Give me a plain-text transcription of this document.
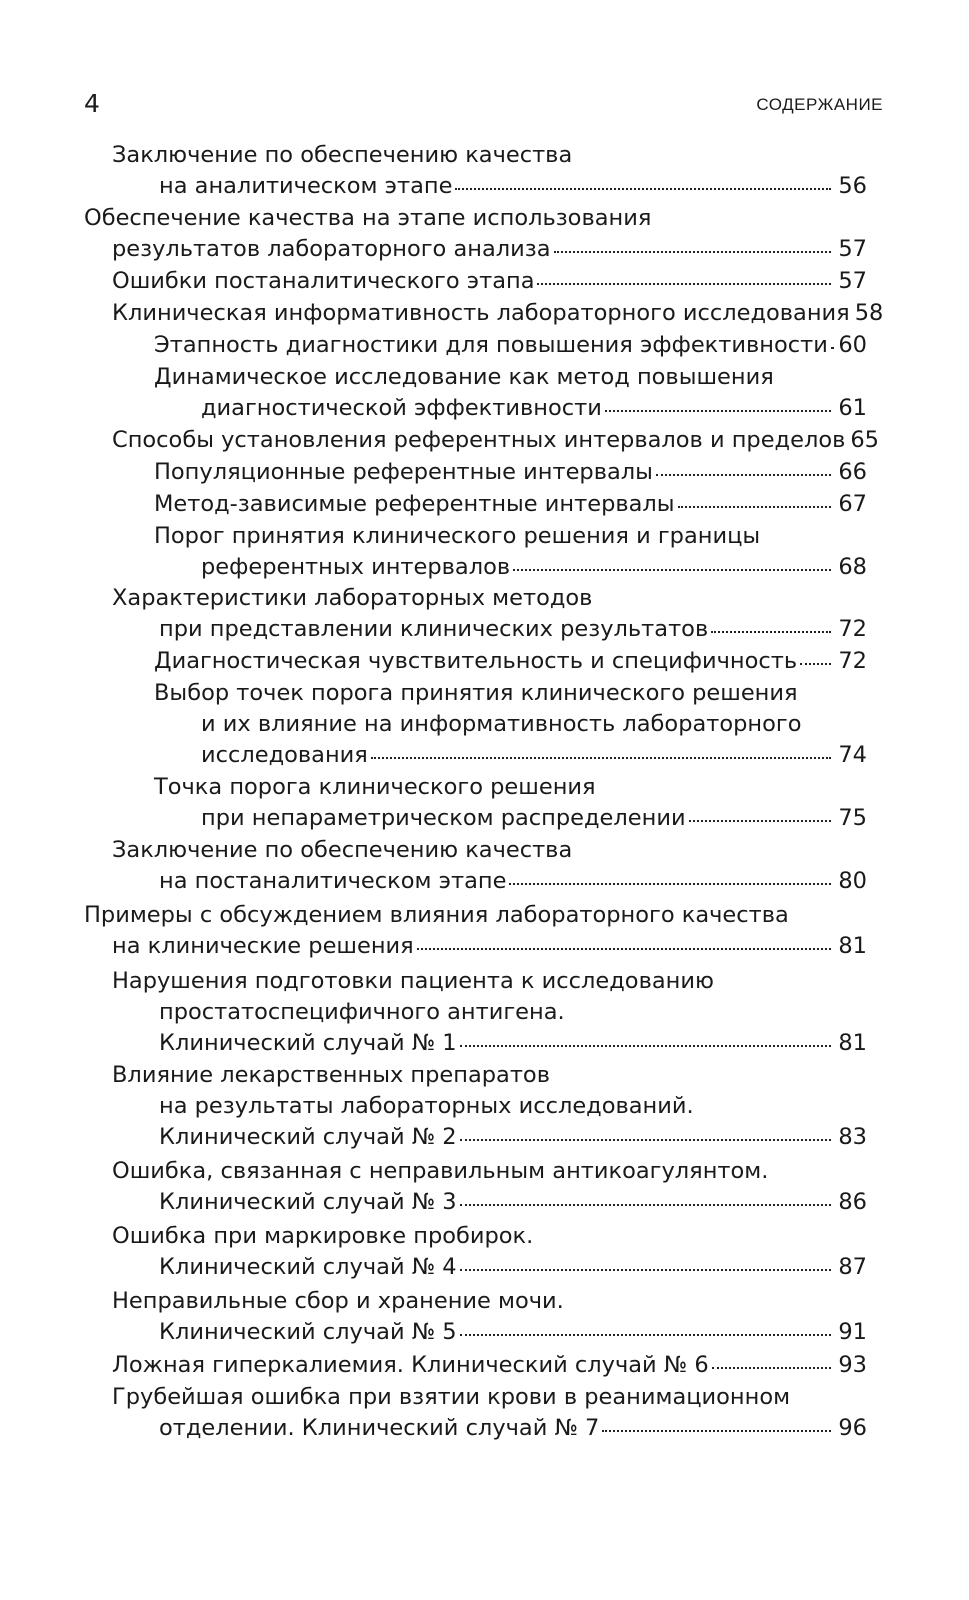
4	СОДЕРЖАНИЕ
Заключение по обеспечению качества
на аналитическом этапе	56
Обеспечение качества на этапе использования
результатов лабораторного анализа	57
Ошибки постаналитического этапа	57
Клиническая информативность лабораторного исследования 58
Этапность диагностики для повышения эффективности 60
Динамическое исследование как метод повышения
диагностической эффективности	61
Способы установления референтных интервалов и пределов 65
Популяционные референтные интервалы	66
Метод-зависимые референтные интервалы	67
Порог принятия клинического решения и границы
референтных интервалов	68
Характеристики лабораторных методов
при представлении клинических результатов	72
Диагностическая чувствительность и специфичность 72
Выбор точек порога принятия клинического решения
и их влияние на информативность лабораторного
исследования	74
Точка порога клинического решения
при непараметрическом распределении	75
Заключение по обеспечению качества
на постаналитическом этапе	80
Примеры с обсуждением влияния лабораторного качества
на клинические решения	81
Нарушения подготовки пациента к исследованию
простатоспецифичного антигена.
Клинический случай № 1	81
Влияние лекарственных препаратов
на результаты лабораторных исследований.
Клинический случай № 2	83
Ошибка, связанная с неправильным антикоагулянтом.
Клинический случай № 3	86
Ошибка при маркировке пробирок.
Клинический случай № 4	87
Неправильные сбор и хранение мочи.
Клинический случай № 5	91
Ложная гиперкалиемия. Клинический случай № 6	93
Грубейшая ошибка при взятии крови в реанимационном
отделении. Клинический случай № 7	96
